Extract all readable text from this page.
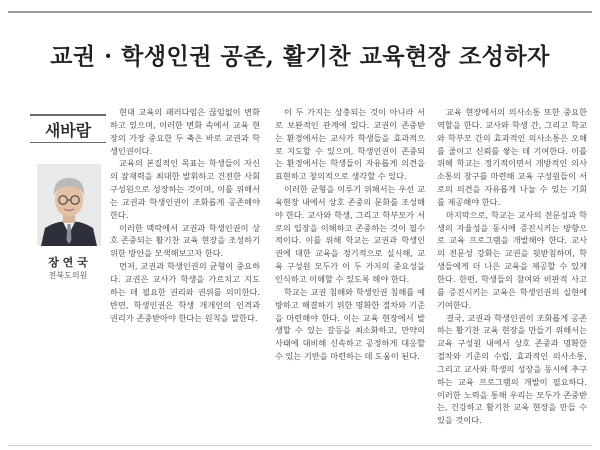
교권 · 학생인권 공존, 활기찬 교육현장 조성하자
새바람
장 연 국
전북도의원

현대 교육의 패러다임은 끊임없이 변화하고 있으며, 이러한 변화 속에서 교육 현장의 가장 중요한 두 축은 바로 교권과 학생인권이다.

교육의 본질적인 목표는 학생들이 자신의 잠재력을 최대한 발휘하고 건전한 사회 구성원으로 성장하는 것이며, 이를 위해서는 교권과 학생인권이 조화롭게 공존해야 한다.

이러한 맥락에서 교권과 학생인권이 상호 존중되는 활기찬 교육 현장을 조성하기 위한 방안을 모색해보고자 한다.

먼저, 교권과 학생인권의 균형이 중요하다. 교권은 교사가 학생을 가르치고 지도하는 데 필요한 권리와 권위를 의미한다. 반면, 학생인권은 학생 개개인의 인격과 권리가 존중받아야 한다는 원칙을 말한다.

이 두 가지는 상충되는 것이 아니라 서로 보완적인 관계에 있다. 교권이 존중받는 환경에서는 교사가 학생들을 효과적으로 지도할 수 있으며, 학생인권이 존중되는 환경에서는 학생들이 자유롭게 의견을 표현하고 창의적으로 생각할 수 있다.

이러한 균형을 이루기 위해서는 우선 교육현장 내에서 상호 존중의 문화를 조성해야 한다. 교사와 학생, 그리고 학부모가 서로의 입장을 이해하고 존중하는 것이 필수적이다. 이를 위해 학교는 교권과 학생인권에 대한 교육을 정기적으로 실시해, 교육 구성원 모두가 이 두 가지의 중요성을 인식하고 이해할 수 있도록 해야 한다.

학교는 교권 침해와 학생인권 침해를 예방하고 해결하기 위한 명확한 절차와 기준을 마련해야 한다. 이는 교육 현장에서 발생할 수 있는 갈등을 최소화하고, 만약의 사태에 대비해 신속하고 공정하게 대응할 수 있는 기반을 마련하는 데 도움이 된다.

교육 현장에서의 의사소통 또한 중요한 역할을 한다. 교사와 학생 간, 그리고 학교와 학부모 간의 효과적인 의사소통은 오해를 줄이고 신뢰를 쌓는 데 기여한다. 이를 위해 학교는 정기적이면서 개방적인 의사소통의 창구를 마련해 교육 구성원들이 서로의 의견을 자유롭게 나눌 수 있는 기회를 제공해야 한다.

마지막으로, 학교는 교사의 전문성과 학생의 자율성을 동시에 증진시키는 방향으로 교육 프로그램을 개발해야 한다. 교사의 전문성 강화는 교권을 뒷받침하며, 학생들에게 더 나은 교육을 제공할 수 있게 한다. 한편, 학생들의 참여와 비판적 사고를 증진시키는 교육은 학생인권의 실현에 기여한다.

결국, 교권과 학생인권이 조화롭게 공존하는 활기찬 교육 현장을 만들기 위해서는 교육 구성원 내에서 상호 존중과 명확한 절차와 기준의 수립, 효과적인 의사소통, 그리고 교사와 학생의 성장을 동시에 추구하는 교육 프로그램의 개발이 필요하다. 이러한 노력을 통해 우리는 모두가 존중받는, 건강하고 활기찬 교육 현장을 만들 수 있을 것이다.
